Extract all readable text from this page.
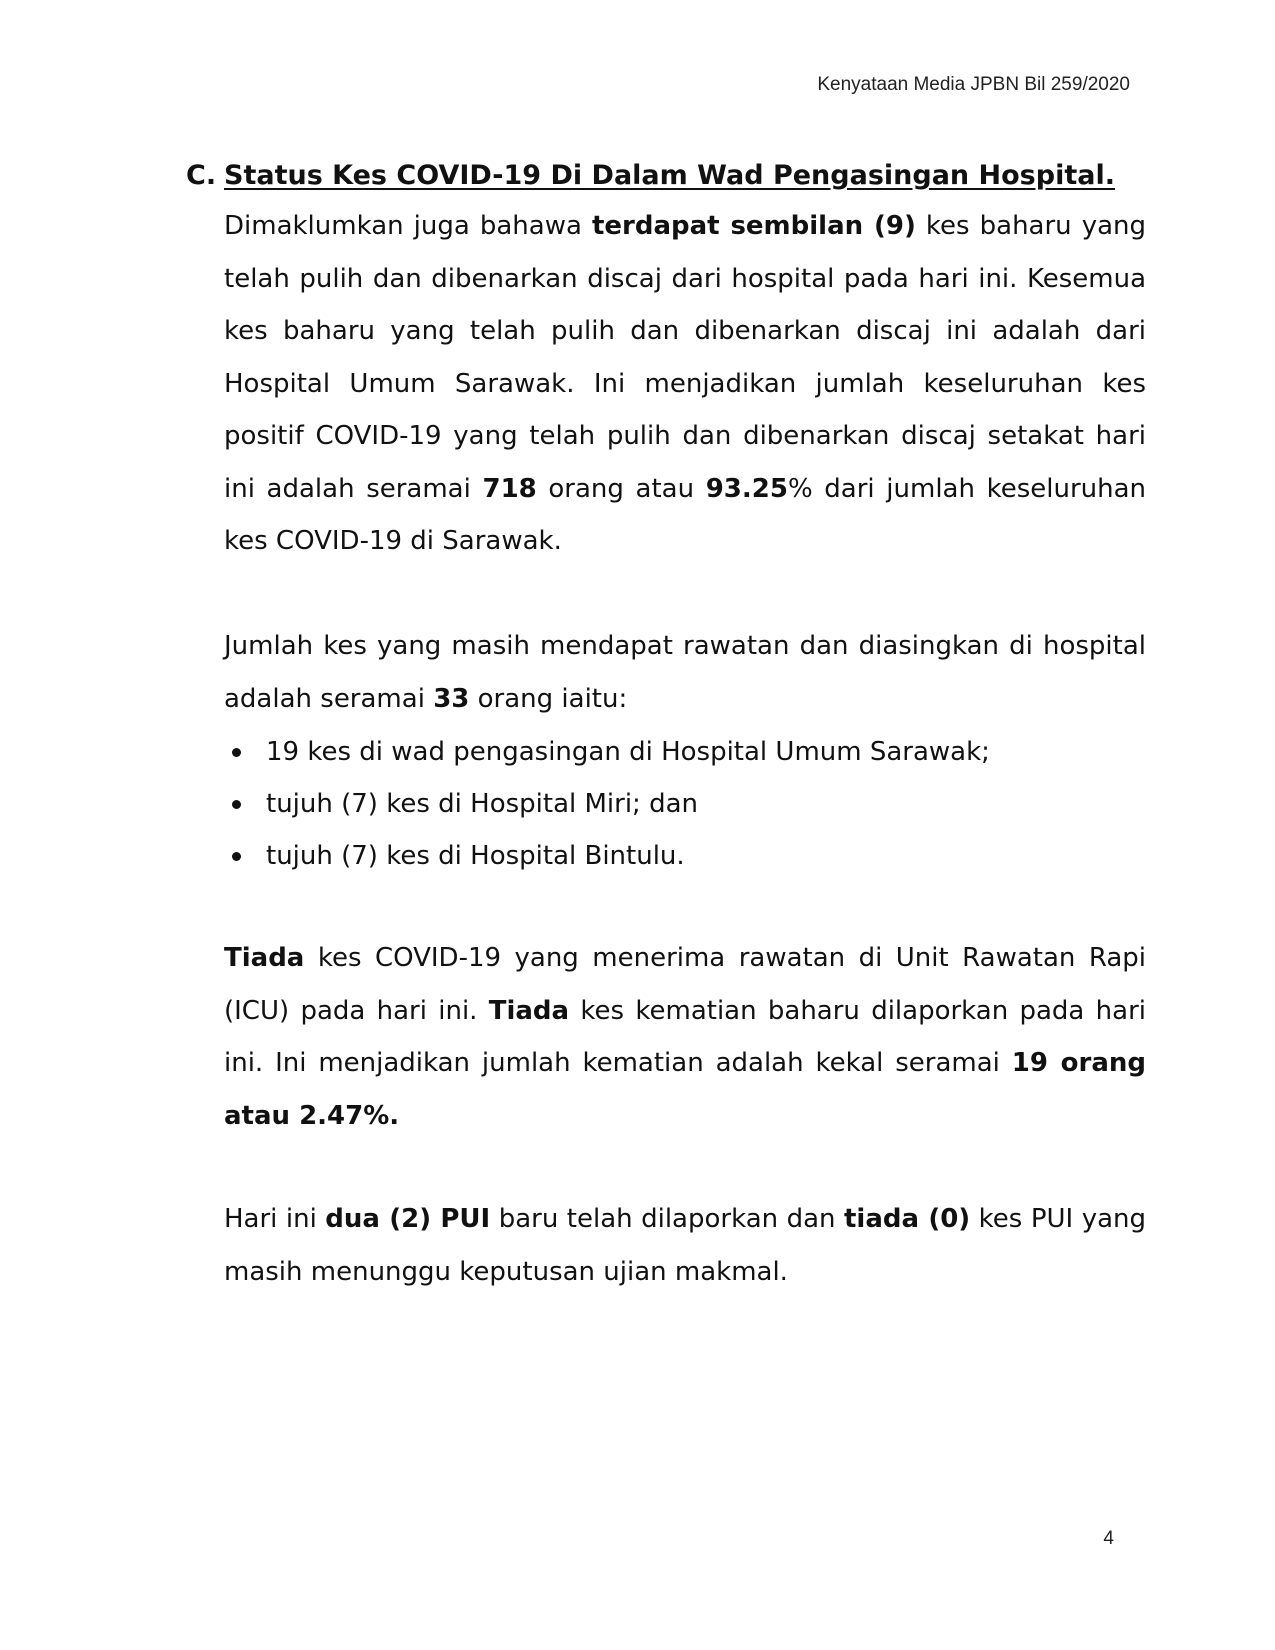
Kenyataan Media JPBN Bil 259/2020
C. Status Kes COVID-19 Di Dalam Wad Pengasingan Hospital.

Dimaklumkan juga bahawa terdapat sembilan (9) kes baharu yang telah pulih dan dibenarkan discaj dari hospital pada hari ini. Kesemua kes baharu yang telah pulih dan dibenarkan discaj ini adalah dari Hospital Umum Sarawak. Ini menjadikan jumlah keseluruhan kes positif COVID-19 yang telah pulih dan dibenarkan discaj setakat hari ini adalah seramai 718 orang atau 93.25% dari jumlah keseluruhan kes COVID-19 di Sarawak.

Jumlah kes yang masih mendapat rawatan dan diasingkan di hospital adalah seramai 33 orang iaitu:

19 kes di wad pengasingan di Hospital Umum Sarawak;
tujuh (7) kes di Hospital Miri; dan
tujuh (7) kes di Hospital Bintulu.

Tiada kes COVID-19 yang menerima rawatan di Unit Rawatan Rapi (ICU) pada hari ini. Tiada kes kematian baharu dilaporkan pada hari ini. Ini menjadikan jumlah kematian adalah kekal seramai 19 orang atau 2.47%.

Hari ini dua (2) PUI baru telah dilaporkan dan tiada (0) kes PUI yang masih menunggu keputusan ujian makmal.

4
